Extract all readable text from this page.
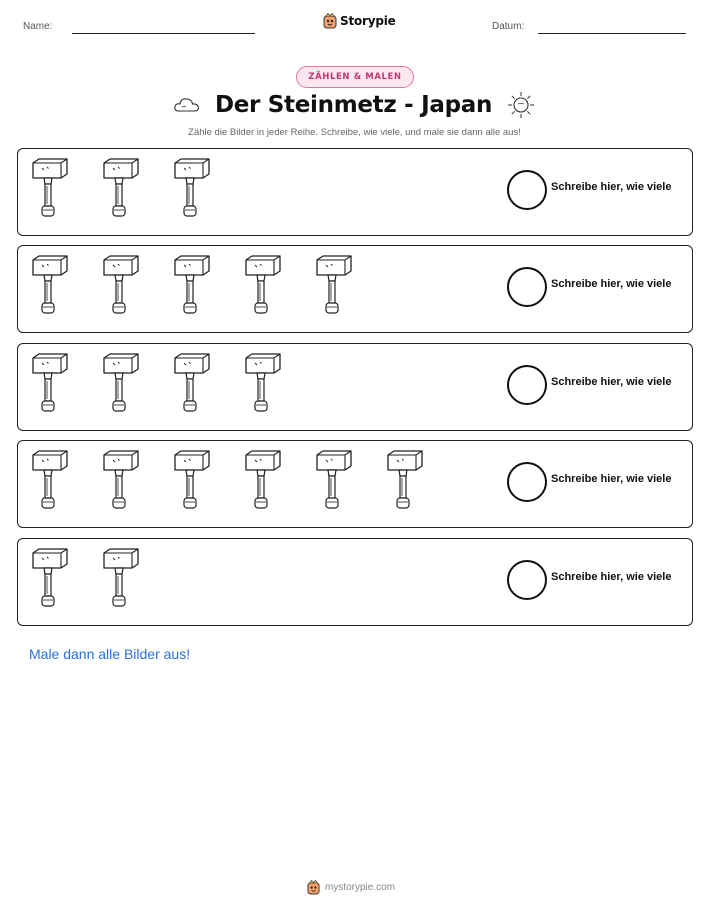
Name:	Storypie	Datum:
ZÄHLEN & MALEN
Der Steinmetz - Japan
Zähle die Bilder in jeder Reihe. Schreibe, wie viele, und male sie dann alle aus!
Schreibe hier, wie viele
Schreibe hier, wie viele
Schreibe hier, wie viele
Schreibe hier, wie viele
Schreibe hier, wie viele
Male dann alle Bilder aus!
mystorypie.com
